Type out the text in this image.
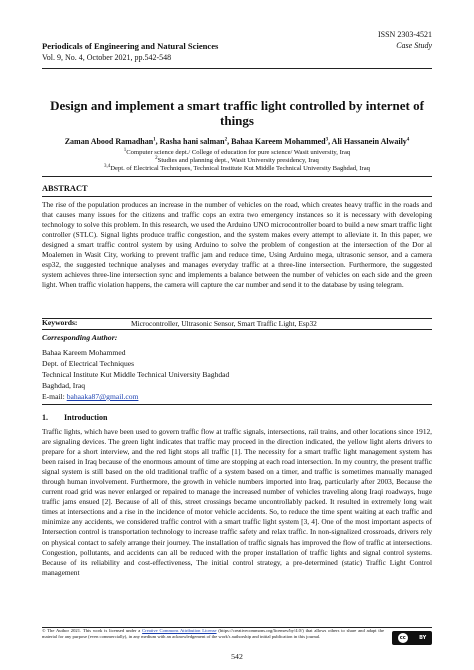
ISSN 2303-4521
Case Study
Periodicals of Engineering and Natural Sciences
Vol. 9, No. 4, October 2021, pp.542-548
Design and implement a smart traffic light controlled by internet of things
Zaman Abood Ramadhan$^1$, Rasha hani salman$^2$, Bahaa Kareem Mohammed$^3$, Ali Hassanein Alwaily$^4$
$^1$Computer science dept./ College of education for pure science/ Wasit university, Iraq
$^2$Studies and planning dept., Wasit University presidency, Iraq
$^{3,4}$Dept. of Electrical Techniques, Technical Institute Kut Middle Technical University Baghdad, Iraq
ABSTRACT
The rise of the population produces an increase in the number of vehicles on the road, which creates heavy traffic in the roads and that causes many issues for the citizens and traffic cops an extra two emergency instances so it is necessary with developing technology to solve this problem. In this research, we used the Arduino UNO microcontroller board to build a new smart traffic light controller (STLC). Signal lights produce traffic congestion, and the system makes every attempt to alleviate it. In this paper, we designed a smart traffic control system by using Arduino to solve the problem of congestion at the intersection of the Dor al Moalemen in Wasit City, working to prevent traffic jam and reduce time, Using Arduino mega, ultrasonic sensor, and a camera esp32, the suggested technique analyses and manages everyday traffic at a three-line intersection. Furthermore, the suggested system achieves three-line intersection sync and implements a balance between the number of vehicles on each side and the green light. When traffic violation happens, the camera will capture the car number and send it to the database by using telegram.
Keywords:	Microcontroller, Ultrasonic Sensor, Smart Traffic Light, Esp32
Corresponding Author:
Bahaa Kareem Mohammed
Dept. of Electrical Techniques
Technical Institute Kut Middle Technical University Baghdad
Baghdad, Iraq
E-mail: bahaaka87@gmail.com
1. Introduction
Traffic lights, which have been used to govern traffic flow at traffic signals, intersections, rail trains, and other locations since 1912, are signaling devices. The green light indicates that traffic may proceed in the direction indicated, the yellow light alerts drivers to prepare for a short interview, and the red light stops all traffic [1]. The necessity for a smart traffic light management system has been raised in Iraq because of the enormous amount of time are stopping at each road intersection. In my country, the present traffic signal system is still based on the old traditional traffic of a system based on a timer, and traffic is sometimes manually managed through human involvement. Furthermore, the growth in vehicle numbers imported into Iraq, particularly after 2003, Because the current road grid was never enlarged or repaired to manage the increased number of vehicles traveling along Iraqi roadways, huge traffic jams ensued [2]. Because of all of this, street crossings became uncontrollably packed. It resulted in extremely long wait times at intersections and a rise in the incidence of motor vehicle accidents. So, to reduce the time spent waiting at each traffic and minimize any accidents, we considered traffic control with a smart traffic light system [3, 4]. One of the most important aspects of Intersection control is transportation technology to increase traffic safety and relax traffic. In non-signalized crossroads, drivers rely on physical contact to safely arrange their journey. The installation of traffic signals has improved the flow of traffic at intersections. Congestion, pollutants, and accidents can all be reduced with the proper installation of traffic lights and signal control systems. Because of its reliability and cost-effectiveness, The initial control strategy, a pre-determined (static) Traffic Light Control management
© The Author 2021. This work is licensed under a Creative Commons Attribution License (https://creativecommons.org/licenses/by/4.0/) that allows others to share and adapt the material for any purpose (even commercially), in any medium with an acknowledgement of the work's authorship and initial publication in this journal.	cc	BY
542
